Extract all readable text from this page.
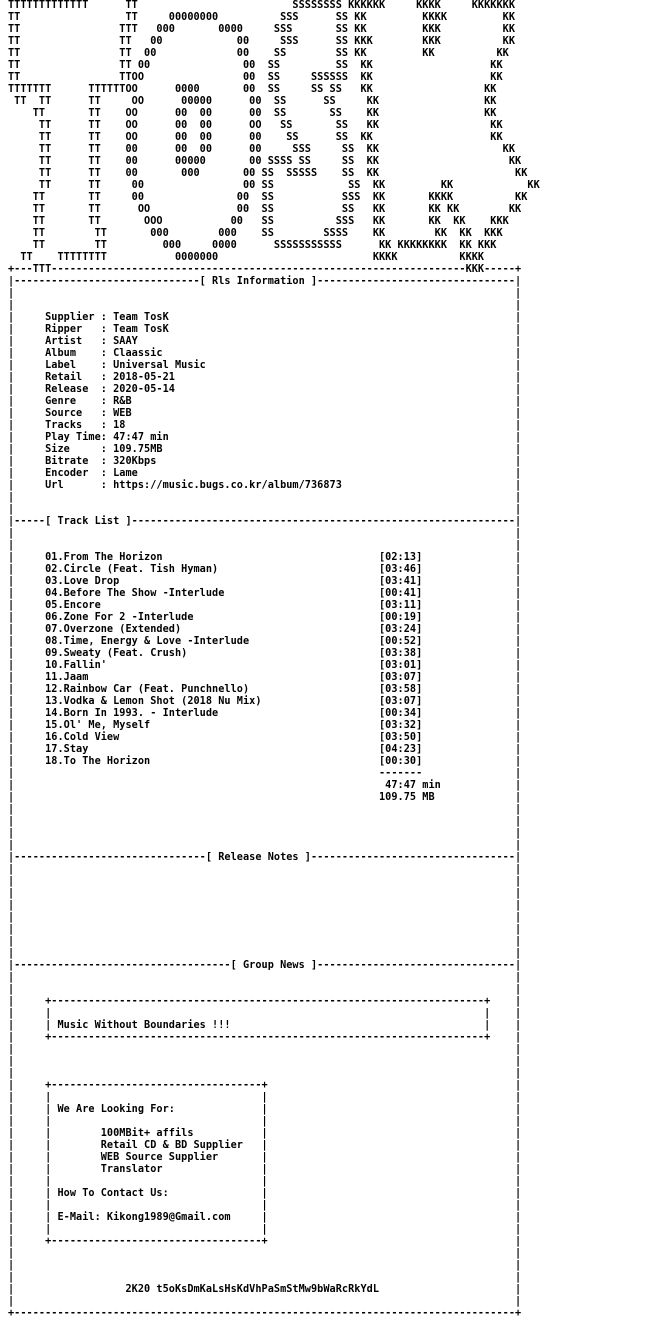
TTTTTTTTTTTTT      TT                         SSSSSSSS KKKKKK     KKKK     KKKKKKK
TT                 TT     00000000          SSS      SS KK         KKKK         KK
TT                TTT   000       0000     SSS       SS KK         KKK          KK
TT                TT   00            00     SSS      SS KKK        KKK          KK
TT                TT  00             00    SS        SS KK         KK          KK
TT                TT 00               00  SS         SS  KK                   KK
TT                TTOO                00  SS     SSSSSS  KK                   KK
TTTTTTT      TTTTTTOO      0000       00  SS     SS SS   KK                  KK
TT  TT      TT     OO      00000      00  SS      SS     KK                 KK
TT       TT    OO      00  00      00  SS       SS    KK                 KK
TT      TT    OO      00  00      OO   SS       SS   KK                  KK
TT      TT    OO      00  00      00    SS      SS  KK                   KK
TT      TT    00      00  00      00     SSS     SS  KK                    KK
TT      TT    00      00000       00 SSSS SS     SS  KK                     KK
TT      TT    00       000       00 SS  SSSSS    SS  KK                      KK
TT      TT     00                00 SS            SS  KK         KK            KK
TT       TT     00               00  SS           SSS  KK       KKKK          KK
TT       TT      OO              00  SS           SS   KK       KK KK        KK
TT       TT       OOO           00   SS          SSS   KK       KK  KK    KKK
TT        TT       000        000    SS        SSSS    KK        KK  KK  KKK
TT        TT         000     0000      SSSSSSSSSSS      KK KKKKKKKK  KK KKK
TT    TTTTTTTT           0000000                         KKKK          KKKK
+---TTT-------------------------------------------------------------------KKK-----+
|------------------------------[ Rls Information ]--------------------------------|
|                                                                                 |
|                                                                                 |
|     Supplier : Team TosK                                                        |
|     Ripper   : Team TosK                                                        |
|     Artist   : SAAY                                                             |
|     Album    : Claassic                                                         |
|     Label    : Universal Music                                                  |
|     Retail   : 2018-05-21                                                       |
|     Release  : 2020-05-14                                                       |
|     Genre    : R&B                                                              |
|     Source   : WEB                                                              |
|     Tracks   : 18                                                               |
|     Play Time: 47:47 min                                                        |
|     Size     : 109.75MB                                                         |
|     Bitrate  : 320Kbps                                                          |
|     Encoder  : Lame                                                             |
|     Url      : https://music.bugs.co.kr/album/736873                            |
|                                                                                 |
|                                                                                 |
|-----[ Track List ]--------------------------------------------------------------|
|                                                                                 |
|                                                                                 |
|     01.From The Horizon                                   [02:13]               |
|     02.Circle (Feat. Tish Hyman)                          [03:46]               |
|     03.Love Drop                                          [03:41]               |
|     04.Before The Show -Interlude                         [00:41]               |
|     05.Encore                                             [03:11]               |
|     06.Zone For 2 -Interlude                              [00:19]               |
|     07.Overzone (Extended)                                [03:24]               |
|     08.Time, Energy & Love -Interlude                     [00:52]               |
|     09.Sweaty (Feat. Crush)                               [03:38]               |
|     10.Fallin'                                            [03:01]               |
|     11.Jaam                                               [03:07]               |
|     12.Rainbow Car (Feat. Punchnello)                     [03:58]               |
|     13.Vodka & Lemon Shot (2018 Nu Mix)                   [03:07]               |
|     14.Born In 1993. - Interlude                          [00:34]               |
|     15.Ol' Me, Myself                                     [03:32]               |
|     16.Cold View                                          [03:50]               |
|     17.Stay                                               [04:23]               |
|     18.To The Horizon                                     [00:30]               |
|                                                           -------               |
|                                                            47:47 min            |
|                                                           109.75 MB             |
|                                                                                 |
|                                                                                 |
|                                                                                 |
|                                                                                 |
|-------------------------------[ Release Notes ]---------------------------------|
|                                                                                 |
|                                                                                 |
|                                                                                 |
|                                                                                 |
|                                                                                 |
|                                                                                 |
|                                                                                 |
|                                                                                 |
|-----------------------------------[ Group News ]--------------------------------|
|                                                                                 |
|                                                                                 |
|     +----------------------------------------------------------------------+    |
|     |                                                                      |    |
|     | Music Without Boundaries !!!                                         |    |
|     +----------------------------------------------------------------------+    |
|                                                                                 |
|                                                                                 |
|                                                                                 |
|     +----------------------------------+                                        |
|     |                                  |                                        |
|     | We Are Looking For:              |                                        |
|     |                                  |                                        |
|     |        100MBit+ affils           |                                        |
|     |        Retail CD & BD Supplier   |                                        |
|     |        WEB Source Supplier       |                                        |
|     |        Translator                |                                        |
|     |                                  |                                        |
|     | How To Contact Us:               |                                        |
|     |                                  |                                        |
|     | E-Mail: Kikong1989@Gmail.com     |                                        |
|     |                                  |                                        |
|     +----------------------------------+                                        |
|                                                                                 |
|                                                                                 |
|                                                                                 |
|                  2K20 t5oKsDmKaLsHsKdVhPaSmStMw9bWaRcRkYdL                      |
|                                                                                 |
+---------------------------------------------------------------------------------+
